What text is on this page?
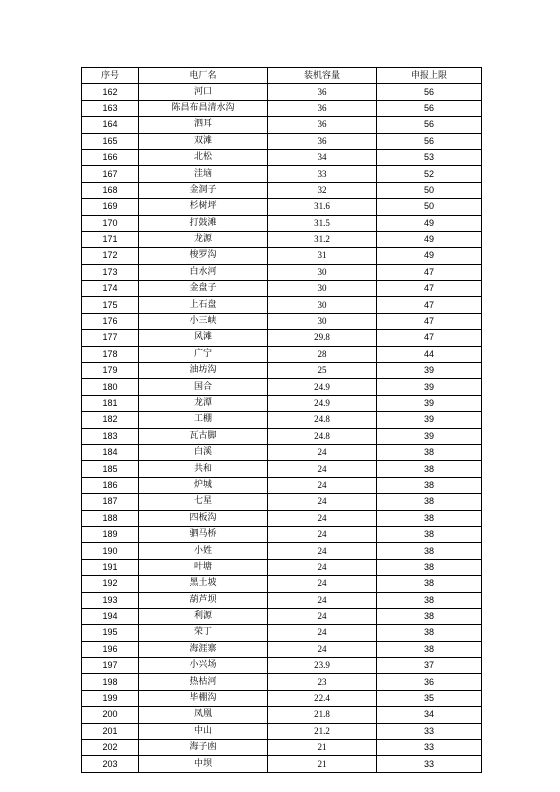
序号	电厂名	装机容量	申报上限
162	河口	36	56
163	陈昌布昌清水沟	36	56
164	泗耳	36	56
165	双滩	36	56
166	北松	34	53
167	洼垴	33	52
168	金洞子	32	50
169	杉树坪	31.6	50
170	打鼓滩	31.5	49
171	龙源	31.2	49
172	梭罗沟	31	49
173	白水河	30	47
174	金盘子	30	47
175	上石盘	30	47
176	小三峡	30	47
177	风滩	29.8	47
178	广宁	28	44
179	油坊沟	25	39
180	国合	24.9	39
181	龙潭	24.9	39
182	工棚	24.8	39
183	瓦古脚	24.8	39
184	白溪	24	38
185	共和	24	38
186	炉城	24	38
187	七星	24	38
188	四板沟	24	38
189	驷马桥	24	38
190	小姓	24	38
191	叶塘	24	38
192	黑土坡	24	38
193	葫芦坝	24	38
194	利源	24	38
195	荣丁	24	38
196	海涯寨	24	38
197	小兴场	23.9	37
198	热枯河	23	36
199	毕棚沟	22.4	35
200	凤凰	21.8	34
201	中山	21.2	33
202	海子凼	21	33
203	中坝	21	33
